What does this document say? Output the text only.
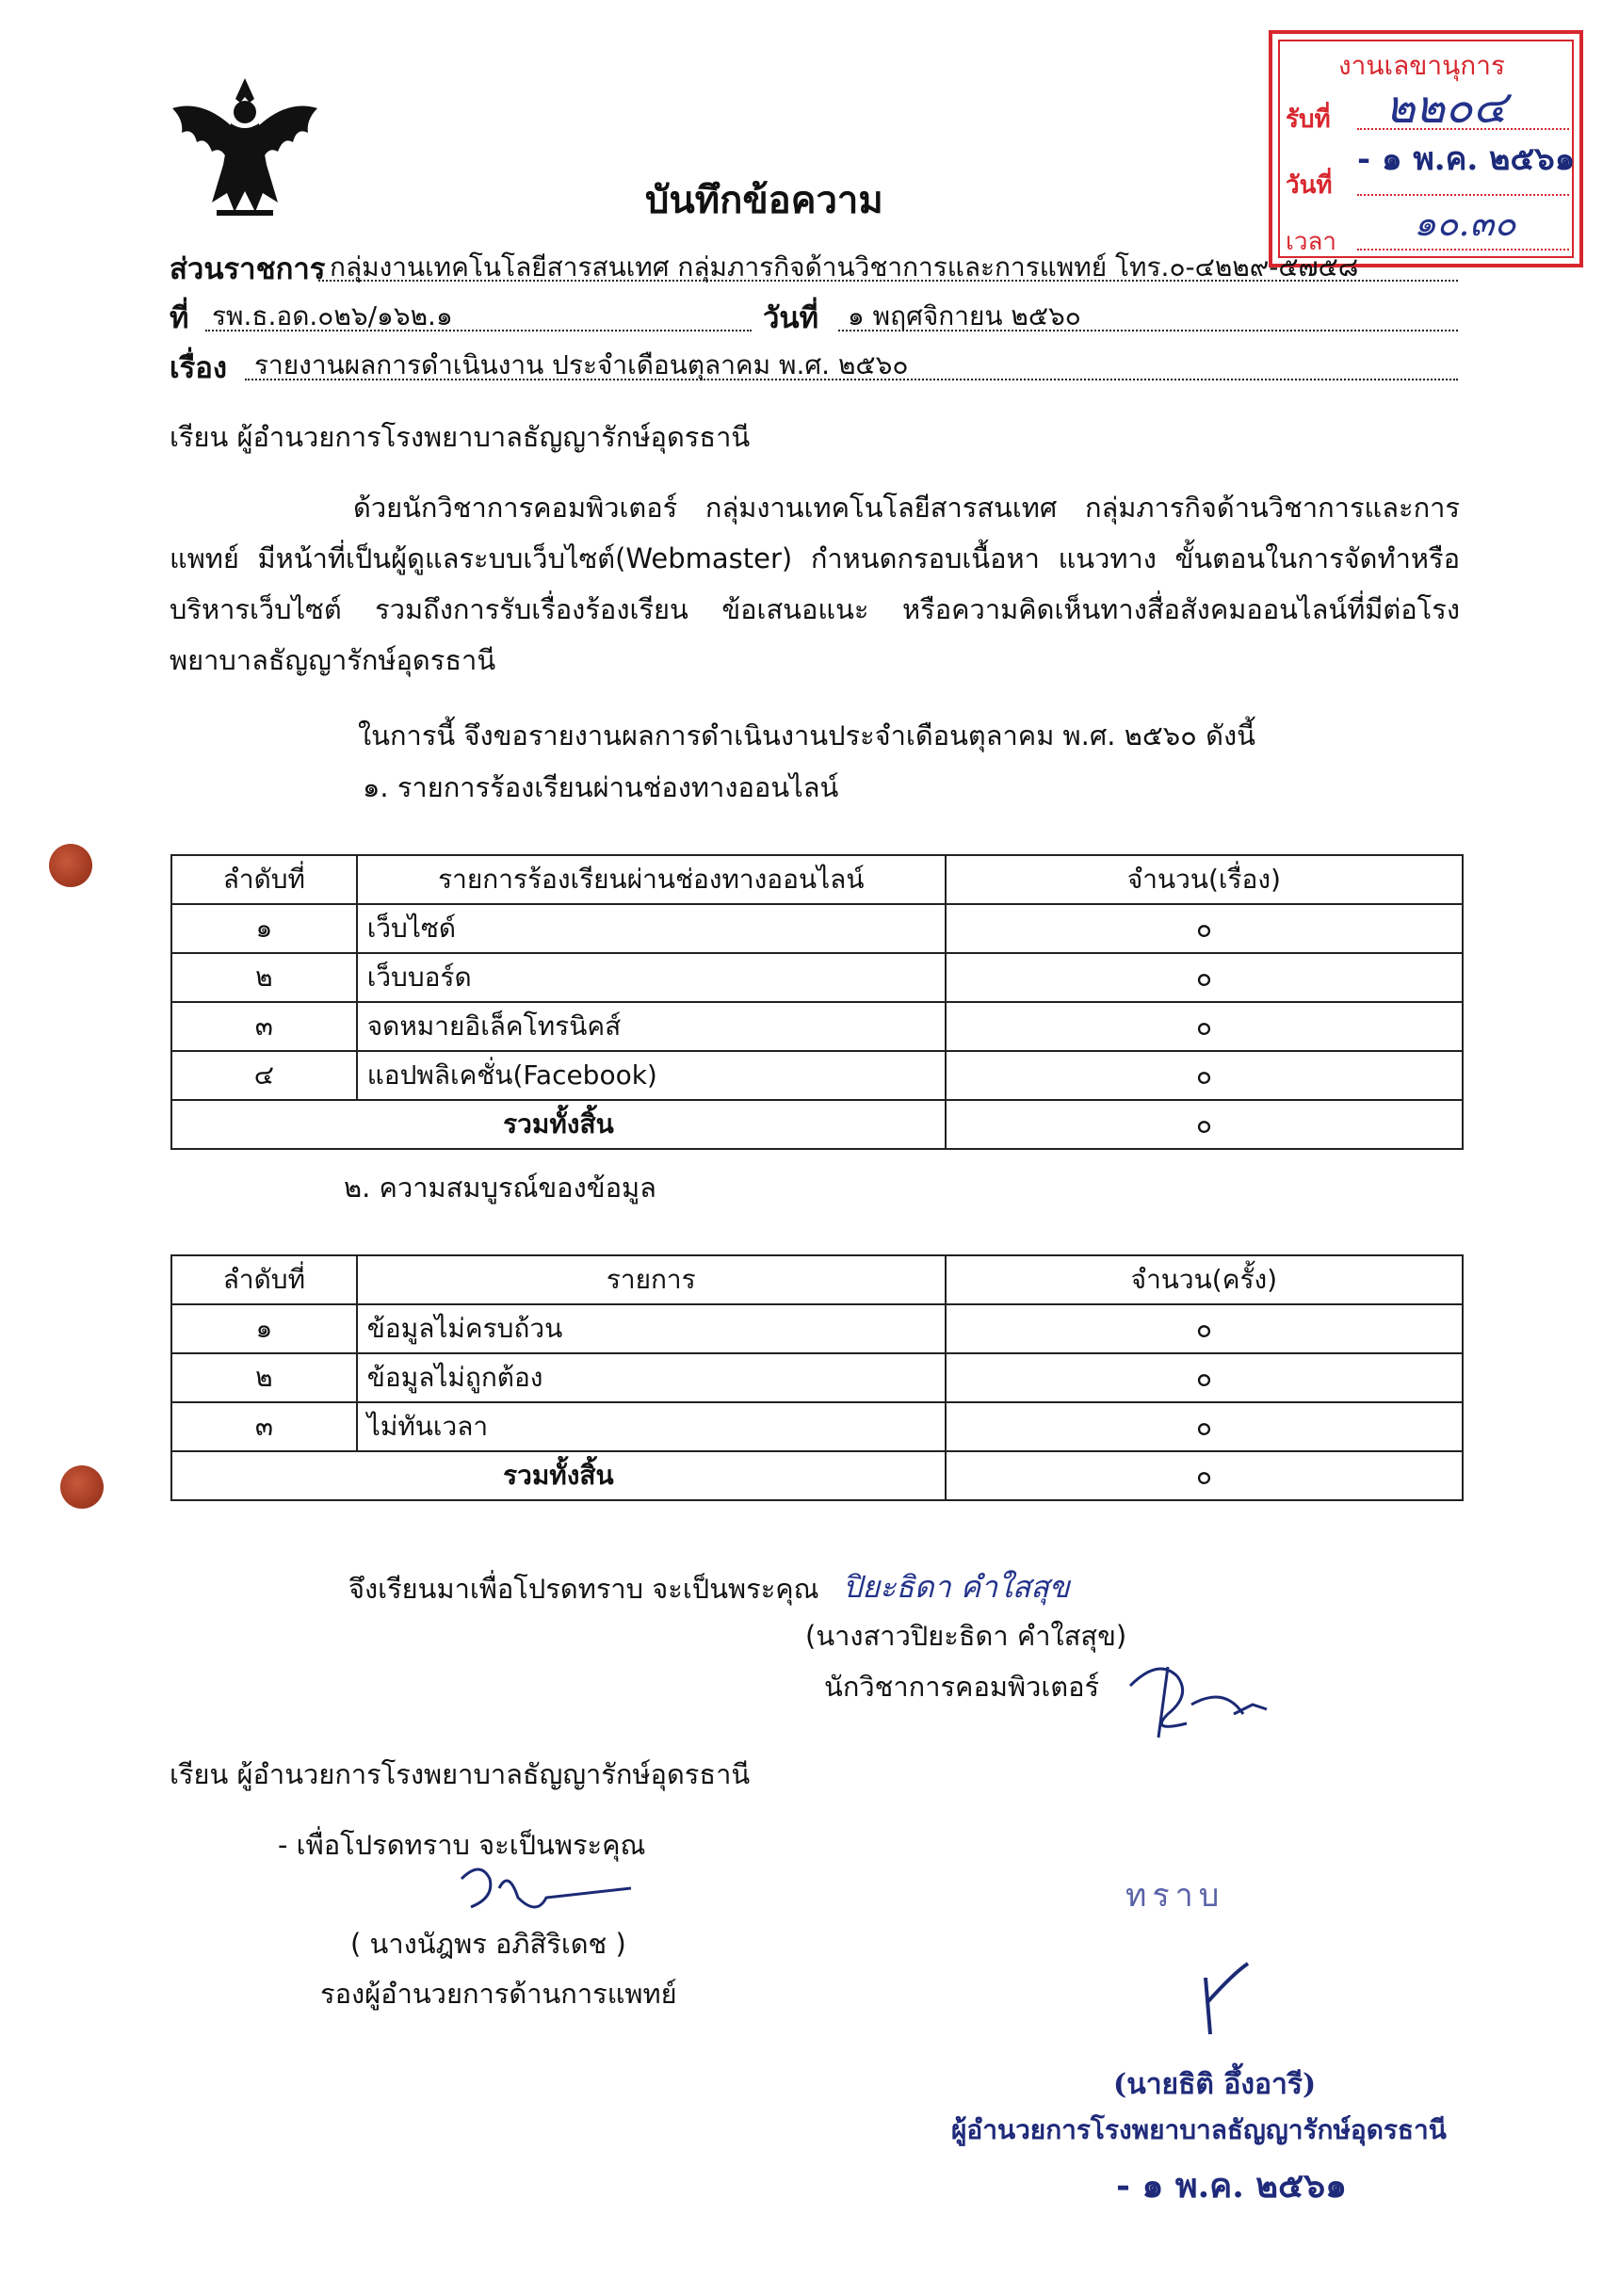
งานเลขานุการ
รับที่ ๒๒๐๔
วันที่
- ๑ พ.ค. ๒๕๖๑
เวลา ๑๐.๓๐
บันทึกข้อความ
ส่วนราชการ กลุ่มงานเทคโนโลยีสารสนเทศ กลุ่มภารกิจด้านวิชาการและการแพทย์ โทร.๐-๔๒๒๙-๕๗๕๘
ที่ รพ.ธ.อด.๐๒๖/๑๖๒.๑	วันที่ ๑ พฤศจิกายน ๒๕๖๐
เรื่อง รายงานผลการดำเนินงาน ประจำเดือนตุลาคม พ.ศ. ๒๕๖๐
เรียน ผู้อำนวยการโรงพยาบาลธัญญารักษ์อุดรธานี
ด้วยนักวิชาการคอมพิวเตอร์ กลุ่มงานเทคโนโลยีสารสนเทศ กลุ่มภารกิจด้านวิชาการและการแพทย์ มีหน้าที่เป็นผู้ดูแลระบบเว็บไซต์(Webmaster) กำหนดกรอบเนื้อหา แนวทาง ขั้นตอนในการจัดทำหรือบริหารเว็บไซต์ รวมถึงการรับเรื่องร้องเรียน ข้อเสนอแนะ หรือความคิดเห็นทางสื่อสังคมออนไลน์ที่มีต่อโรงพยาบาลธัญญารักษ์อุดรธานี
ในการนี้ จึงขอรายงานผลการดำเนินงานประจำเดือนตุลาคม พ.ศ. ๒๕๖๐ ดังนี้
๑. รายการร้องเรียนผ่านช่องทางออนไลน์
ลำดับที่	รายการร้องเรียนผ่านช่องทางออนไลน์	จำนวน(เรื่อง)
๑	เว็บไซด์	๐
๒	เว็บบอร์ด	๐
๓	จดหมายอิเล็คโทรนิคส์	๐
๔	แอปพลิเคชั่น(Facebook)	๐
รวมทั้งสิ้น		๐
๒. ความสมบูรณ์ของข้อมูล
ลำดับที่	รายการ	จำนวน(ครั้ง)
๑	ข้อมูลไม่ครบถ้วน	๐
๒	ข้อมูลไม่ถูกต้อง	๐
๓	ไม่ทันเวลา	๐
รวมทั้งสิ้น		๐
จึงเรียนมาเพื่อโปรดทราบ จะเป็นพระคุณ ปิยะธิดา คำใสสุข
(นางสาวปิยะธิดา คำใสสุข)
นักวิชาการคอมพิวเตอร์
เรียน ผู้อำนวยการโรงพยาบาลธัญญารักษ์อุดรธานี
- เพื่อโปรดทราบ จะเป็นพระคุณ
( นางนัฎพร อภิสิริเดช )
รองผู้อำนวยการด้านการแพทย์
ทราบ
(นายธิติ อึ้งอารี)
ผู้อำนวยการโรงพยาบาลธัญญารักษ์อุดรธานี
- ๑ พ.ค. ๒๕๖๑
